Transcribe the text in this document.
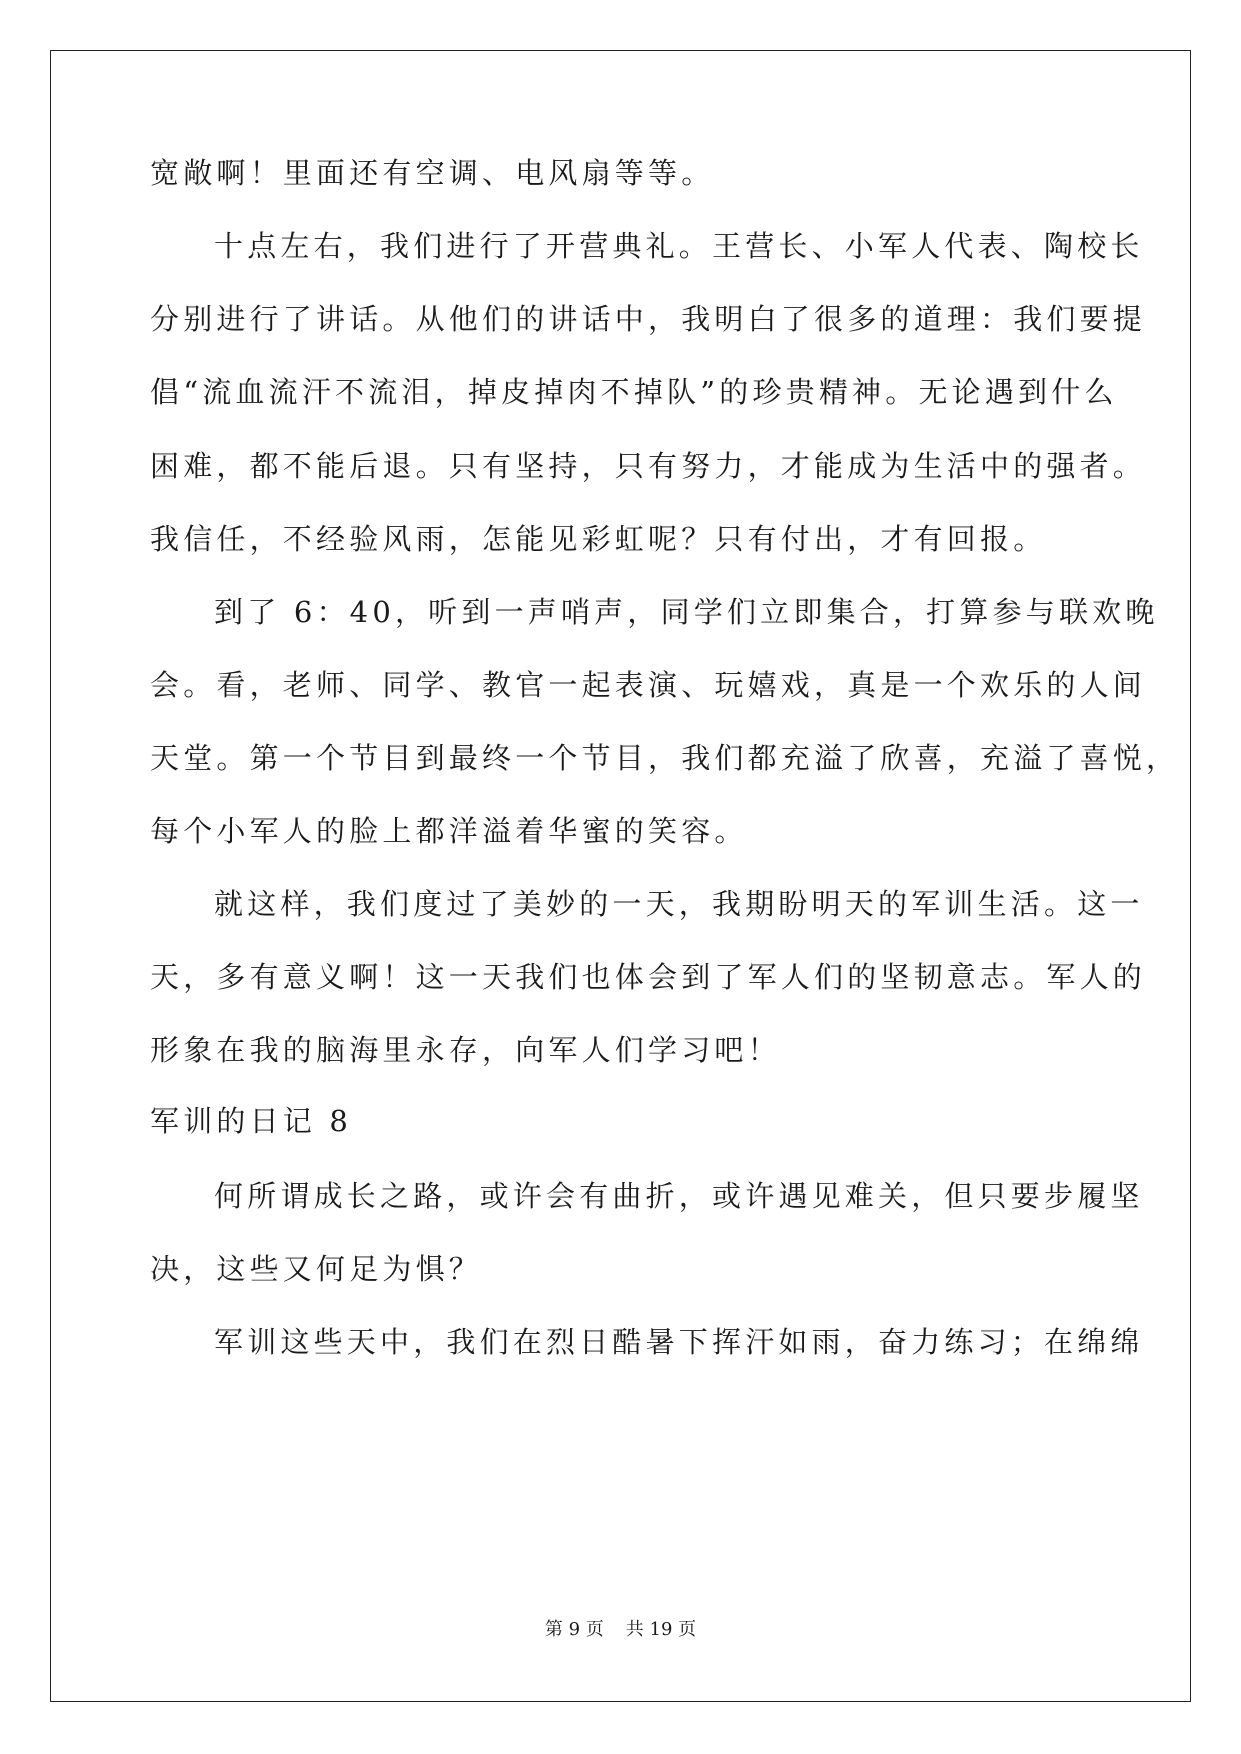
宽敞啊！里面还有空调、电风扇等等。
十点左右，我们进行了开营典礼。王营长、小军人代表、陶校长
分别进行了讲话。从他们的讲话中，我明白了很多的道理：我们要提
倡“流血流汗不流泪，掉皮掉肉不掉队”的珍贵精神。无论遇到什么
困难，都不能后退。只有坚持，只有努力，才能成为生活中的强者。
我信任，不经验风雨，怎能见彩虹呢？只有付出，才有回报。
到了 6：40，听到一声哨声，同学们立即集合，打算参与联欢晚
会。看，老师、同学、教官一起表演、玩嬉戏，真是一个欢乐的人间
天堂。第一个节目到最终一个节目，我们都充溢了欣喜，充溢了喜悦，
每个小军人的脸上都洋溢着华蜜的笑容。
就这样，我们度过了美妙的一天，我期盼明天的军训生活。这一
天，多有意义啊！这一天我们也体会到了军人们的坚韧意志。军人的
形象在我的脑海里永存，向军人们学习吧！
军训的日记 8
何所谓成长之路，或许会有曲折，或许遇见难关，但只要步履坚
决，这些又何足为惧？
军训这些天中，我们在烈日酷暑下挥汗如雨，奋力练习；在绵绵
第 9 页 共 19 页
